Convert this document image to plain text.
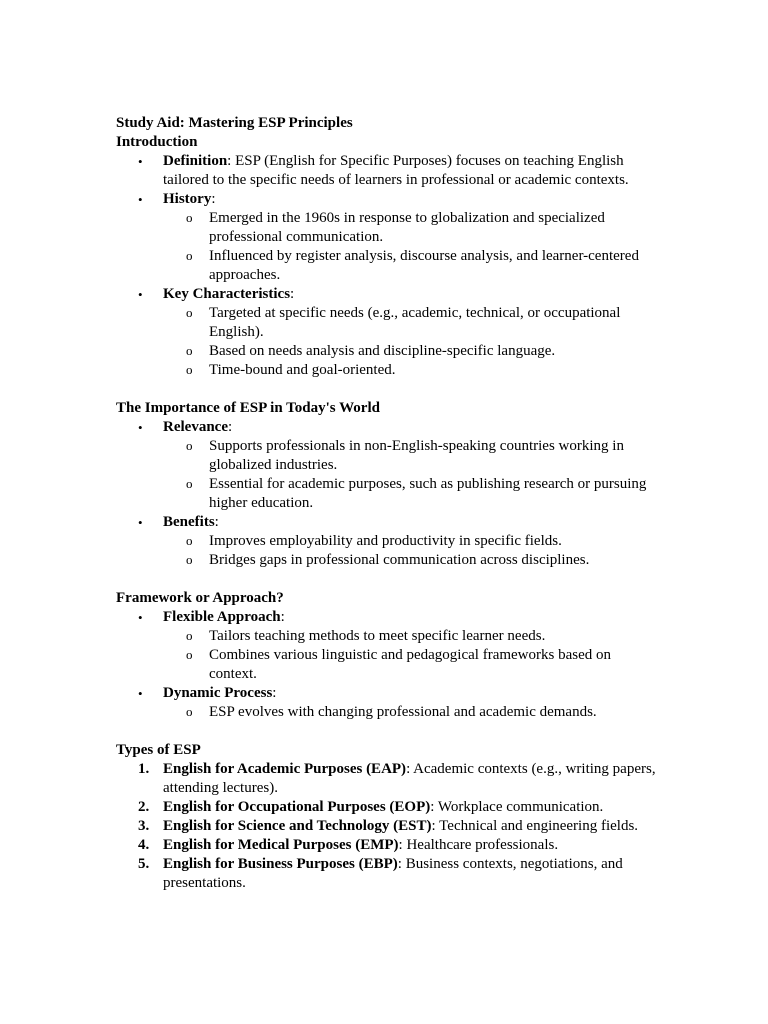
Study Aid: Mastering ESP Principles
Introduction
• Definition: ESP (English for Specific Purposes) focuses on teaching English tailored to the specific needs of learners in professional or academic contexts.
• History:
o Emerged in the 1960s in response to globalization and specialized professional communication.
o Influenced by register analysis, discourse analysis, and learner-centered approaches.
• Key Characteristics:
o Targeted at specific needs (e.g., academic, technical, or occupational English).
o Based on needs analysis and discipline-specific language.
o Time-bound and goal-oriented.
The Importance of ESP in Today's World
• Relevance:
o Supports professionals in non-English-speaking countries working in globalized industries.
o Essential for academic purposes, such as publishing research or pursuing higher education.
• Benefits:
o Improves employability and productivity in specific fields.
o Bridges gaps in professional communication across disciplines.
Framework or Approach?
• Flexible Approach:
o Tailors teaching methods to meet specific learner needs.
o Combines various linguistic and pedagogical frameworks based on context.
• Dynamic Process:
o ESP evolves with changing professional and academic demands.
Types of ESP
1. English for Academic Purposes (EAP): Academic contexts (e.g., writing papers, attending lectures).
2. English for Occupational Purposes (EOP): Workplace communication.
3. English for Science and Technology (EST): Technical and engineering fields.
4. English for Medical Purposes (EMP): Healthcare professionals.
5. English for Business Purposes (EBP): Business contexts, negotiations, and presentations.
